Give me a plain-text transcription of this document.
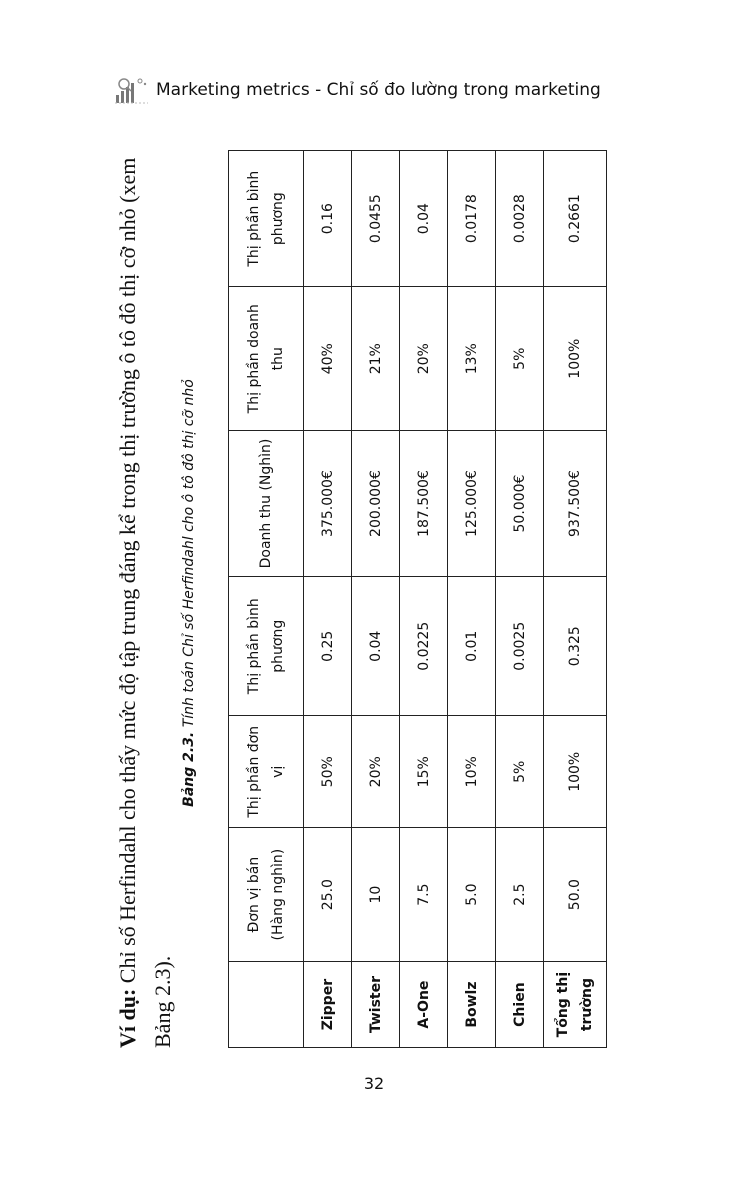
Marketing metrics - Chỉ số đo lường trong marketing

Ví dụ: Chỉ số Herfindahl cho thấy mức độ tập trung đáng kể trong thị trường ô tô đô thị cỡ nhỏ (xem Bảng 2.3).

Bảng 2.3. Tính toán Chỉ số Herfindahl cho ô tô đô thị cỡ nhỏ

	Đơn vị bán (Hàng nghìn)	Thị phần đơn vị	Thị phần bình phương	Doanh thu (Nghìn)	Thị phần doanh thu	Thị phần bình phương
Zipper	25.0	50%	0.25	375.000€	40%	0.16
Twister	10	20%	0.04	200.000€	21%	0.0455
A-One	7.5	15%	0.0225	187.500€	20%	0.04
Bowlz	5.0	10%	0.01	125.000€	13%	0.0178
Chien	2.5	5%	0.0025	50.000€	5%	0.0028
Tổng thị trường	50.0	100%	0.325	937.500€	100%	0.2661
32
